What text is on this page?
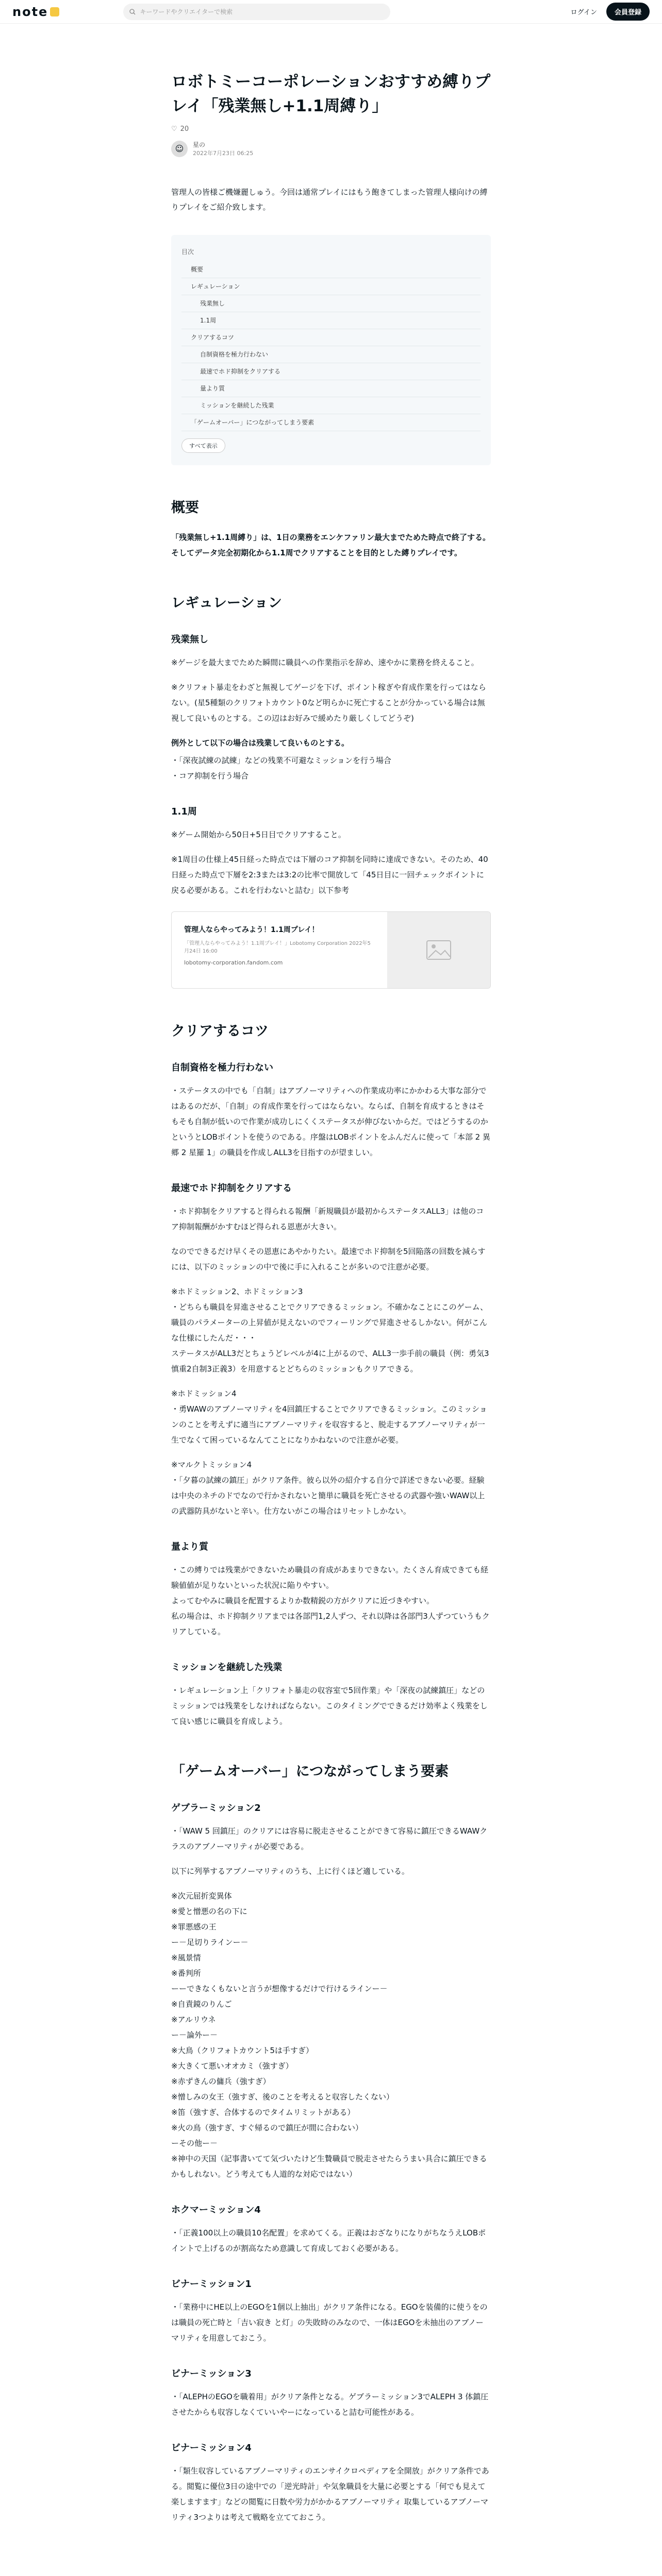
note	キーワードやクリエイターで検索	ログイン	会員登録
ロボトミーコーポレーションおすすめ縛りプレイ「残業無し+1.1周縛り」
♡ 20
☺ 星の
2022年7月23日 06:25

管理人の皆様ご機嫌麗しゅう。今回は通常プレイにはもう飽きてしまった管理人様向けの縛りプレイをご紹介致します。

目次
概要
レギュレーション
残業無し
1.1周
クリアするコツ
自制資格を極力行わない
最速でホド抑制をクリアする
量より質
ミッションを継続した残業
「ゲームオーバー」につながってしまう要素
すべて表示
概要

「残業無し+1.1周縛り」は、1日の業務をエンケファリン最大までためた時点で終了する。そしてデータ完全初期化から1.1周でクリアすることを目的とした縛りプレイです。

レギュレーション
残業無し

※ゲージを最大までためた瞬間に職員への作業指示を辞め、速やかに業務を終えること。

※クリフォト暴走をわざと無視してゲージを下げ、ポイント稼ぎや育成作業を行ってはならない。(星5種類のクリフォトカウント0など明らかに死亡することが分かっている場合は無視して良いものとする。この辺はお好みで緩めたり厳しくしてどうぞ)

例外として以下の場合は残業して良いものとする。

・「深夜試練の試練」などの残業不可避なミッションを行う場合
・コア抑制を行う場合
1.1周

※ゲーム開始から50日+5日目でクリアすること。

※1周目の仕様上45日経った時点では下層のコア抑制を同時に達成できない。そのため、40日経った時点で下層を2:3または3:2の比率で開放して「45日目に一回チェックポイントに戻る必要がある。これを行わないと詰む」以下参考

管理人ならやってみよう！1.1周プレイ！
「管理人ならやってみよう！1.1周プレイ！」Lobotomy Corporation 2022年5月24日 16:00
lobotomy-corporation.fandom.com
クリアするコツ
自制資格を極力行わない

・ステータスの中でも「自制」はアブノーマリティへの作業成功率にかかわる大事な部分ではあるのだが、「自制」の育成作業を行ってはならない。ならば、自制を育成するときはそもそも自制が低いので作業が成功しにくくステータスが伸びないからだ。ではどうするのかというとLOBポイントを使うのである。序盤はLOBポイントをふんだんに使って「本部 2 異郷 2 星羅 1」の職員を作成しALL3を目指すのが望ましい。

最速でホド抑制をクリアする

・ホド抑制をクリアすると得られる報酬「新規職員が最初からステータスALL3」は他のコア抑制報酬がかすむほど得られる恩恵が大きい。

なのでできるだけ早くその恩恵にあやかりたい。最速でホド抑制を5回陥落の回数を減らすには、以下のミッションの中で後に手に入れることが多いので注意が必要。

※ホドミッション2、ホドミッション3

・どちらも職員を昇進させることでクリアできるミッション。不確かなことにこのゲーム、職員のパラメーターの上昇値が見えないのでフィーリングで昇進させるしかない。何がこんな仕様にしたんだ・・・

ステータスがALL3だとちょうどレベルが4に上がるので、ALL3一歩手前の職員（例：勇気3慎重2自制3正義3）を用意するとどちらのミッションもクリアできる。

※ホドミッション4

・勇WAWのアブノーマリティを4回鎮圧することでクリアできるミッション。このミッションのことを考えずに適当にアブノーマリティを収容すると、脱走するアブノーマリティが一生でなくて困っているなんてことになりかねないので注意が必要。

※マルクトミッション4

・「夕暮の試練の鎮圧」がクリア条件。彼ら以外の紹介する自分で詳述できない必要。経験は中央のネチのドでなので行かされないと簡単に職員を死亡させるの武器や強いWAW以上の武器防具がないと辛い。仕方ないがこの場合はリセットしかない。

量より質

・この縛りでは残業ができないため職員の育成があまりできない。たくさん育成できても経験値値が足りないといった状況に陥りやすい。

よってむやみに職員を配置するよりか数精鋭の方がクリアに近づきやすい。

私の場合は、ホド抑制クリアまでは各部門1,2人ずつ、それ以降は各部門3人ずつていうもクリアしている。

ミッションを継続した残業

・レギュレーション上「クリフォト暴走の収容室で5回作業」や「深夜の試練鎮圧」などのミッションでは残業をしなければならない。このタイミングでできるだけ効率よく残業をして良い感じに職員を育成しよう。

「ゲームオーバー」につながってしまう要素
ゲブラーミッション2

・「WAW 5 回鎮圧」のクリアには容易に脱走させることができて容易に鎮圧できるWAWクラスのアブノーマリティが必要である。

以下に列挙するアブノーマリティのうち、上に行くほど適している。

※次元屈折変異体
※愛と憎悪の名の下に
※罪悪感の王
ー－足切りラインー－
※風景情
※番判所
ーーできなくもないと言うが想像するだけで行けるラインー－
※自責鏡のりんご
※アルリウネ
ー－論外ー－
※大鳥（クリフォトカウント5は手すぎ）
※大きくて悪いオオカミ（強すぎ）
※赤ずきんの傭兵（強すぎ）
※憎しみの女王（強すぎ、後のことを考えると収容したくない）
※笛（強すぎ、合体するのでタイムリミットがある）
※火の鳥（強すぎ、すぐ帰るので鎮圧が間に合わない）
ーその他ー－
※神中の天国（記事書いてて気づいたけど生贄職員で脱走させたらうまい具合に鎮圧できるかもしれない。どう考えても人道的な対応ではない）
ホクマーミッション4

・「正義100以上の職員10名配置」を求めてくる。正義はおざなりになりがちなうえLOBポイントで上げるのが割高なため意識して育成しておく必要がある。

ビナーミッション1

・「業務中にHE以上のEGOを1個以上抽出」がクリア条件になる。EGOを装備的に使うをのは職員の死亡時と「吉い寂き と灯」の失敗時のみなので、一体はEGOを未抽出のアブノーマリティを用意しておこう。

ビナーミッション3

・「ALEPHのEGOを職着用」がクリア条件となる。ゲブラーミッション3でALEPH 3 体鎮圧させたからも収容しなくていいやーになっていると詰む可能性がある。

ビナーミッション4

・「類生収容しているアブノーマリティのエンサイクロペディアを全開放」がクリア条件である。閲覧に優位3日の途中での「逆光時計」や気象職員を大量に必要とする「何でも見えて楽しますます」などの閲覧に日数や労力がかかるアブノーマリティ 取集しているアブノーマリティ3つよりは考えて戦略を立てておこう。
